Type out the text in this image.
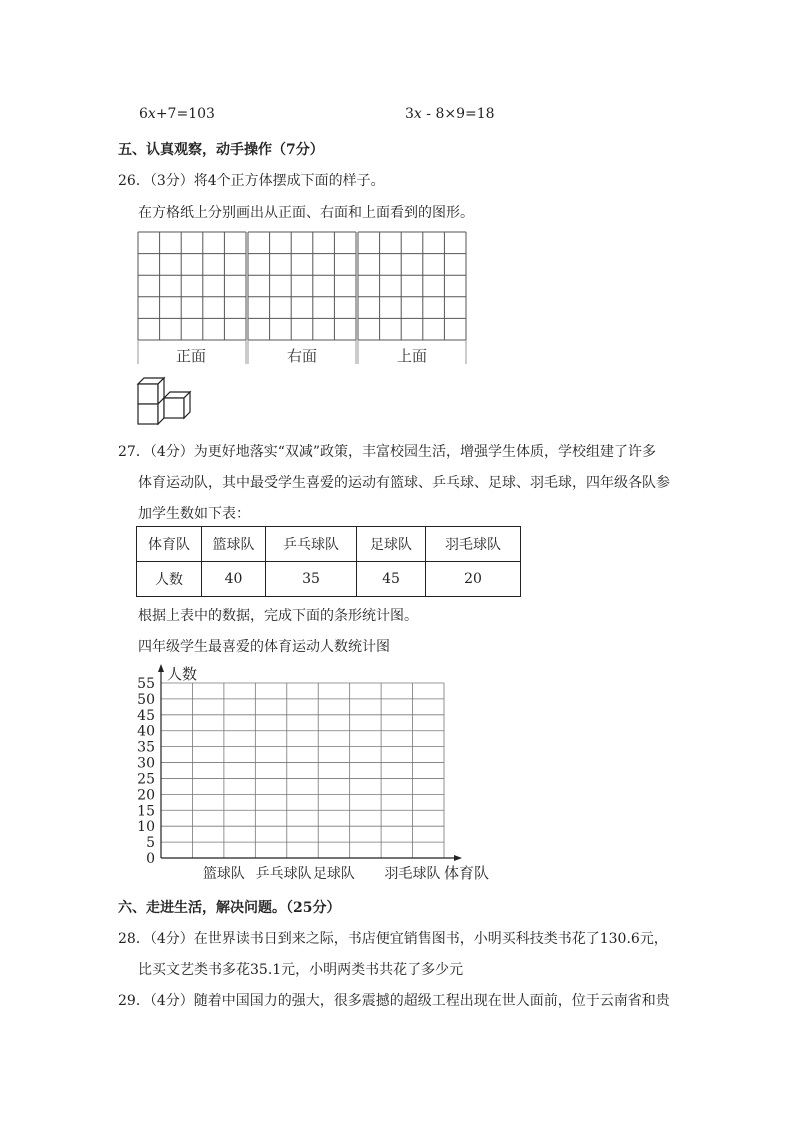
6x+7=103	3x - 8×9=18
五、认真观察，动手操作（7分）
26．（3分）将4个正方体摆成下面的样子。
在方格纸上分别画出从正面、右面和上面看到的图形。
正面	右面	上面
27．（4分）为更好地落实“双减”政策，丰富校园生活，增强学生体质，学校组建了许多
体育运动队，其中最受学生喜爱的运动有篮球、乒乓球、足球、羽毛球，四年级各队参
加学生数如下表：
体育队	篮球队	乒乓球队	足球队	羽毛球队
人数	40	35	45	20
根据上表中的数据，完成下面的条形统计图。
四年级学生最喜爱的体育运动人数统计图
0
5
10
15
20
25
30
35
40
45
50
55
篮球队 乒乓球队 足球队 羽毛球队
人数
体育队
六、走进生活，解决问题。（25分）
28．（4分）在世界读书日到来之际，书店便宜销售图书，小明买科技类书花了130.6元，
比买文艺类书多花35.1元，小明两类书共花了多少元
29．（4分）随着中国国力的强大，很多震撼的超级工程出现在世人面前，位于云南省和贵
